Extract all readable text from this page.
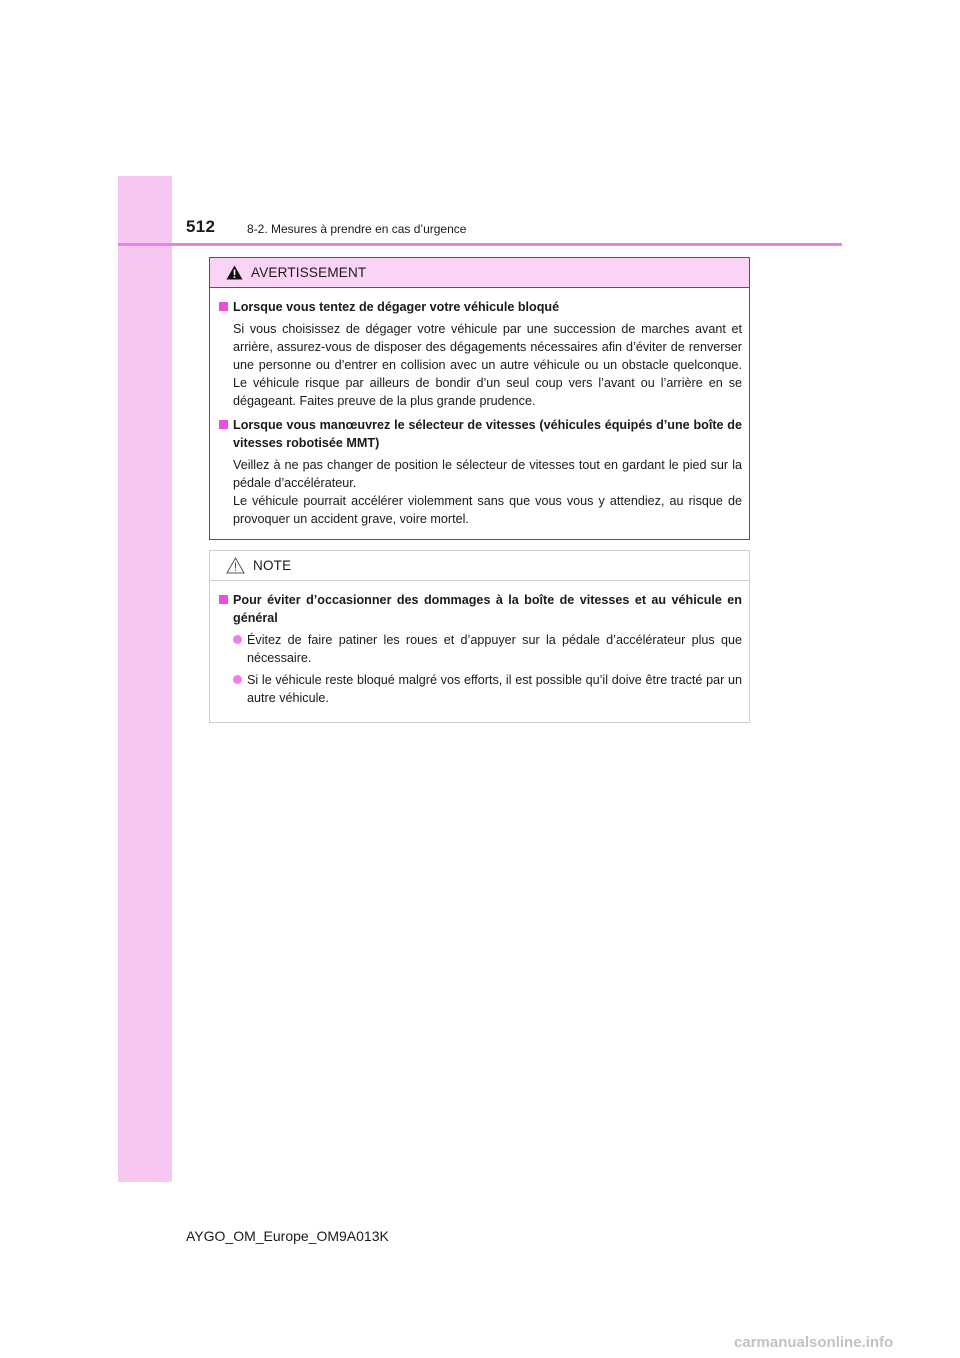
512	8-2. Mesures à prendre en cas d’urgence
AVERTISSEMENT
Lorsque vous tentez de dégager votre véhicule bloqué
Si vous choisissez de dégager votre véhicule par une succession de marches avant et arrière, assurez-vous de disposer des dégagements nécessaires afin d’éviter de renverser une personne ou d’entrer en collision avec un autre véhicule ou un obstacle quelconque. Le véhicule risque par ailleurs de bondir d’un seul coup vers l’avant ou l’arrière en se dégageant. Faites preuve de la plus grande prudence.
Lorsque vous manœuvrez le sélecteur de vitesses (véhicules équipés d’une boîte de vitesses robotisée MMT)
Veillez à ne pas changer de position le sélecteur de vitesses tout en gardant le pied sur la pédale d’accélérateur.
Le véhicule pourrait accélérer violemment sans que vous vous y attendiez, au risque de provoquer un accident grave, voire mortel.
NOTE
Pour éviter d’occasionner des dommages à la boîte de vitesses et au véhicule en général
Évitez de faire patiner les roues et d’appuyer sur la pédale d’accélérateur plus que nécessaire.
Si le véhicule reste bloqué malgré vos efforts, il est possible qu’il doive être tracté par un autre véhicule.
AYGO_OM_Europe_OM9A013K
carmanualsonline.info
